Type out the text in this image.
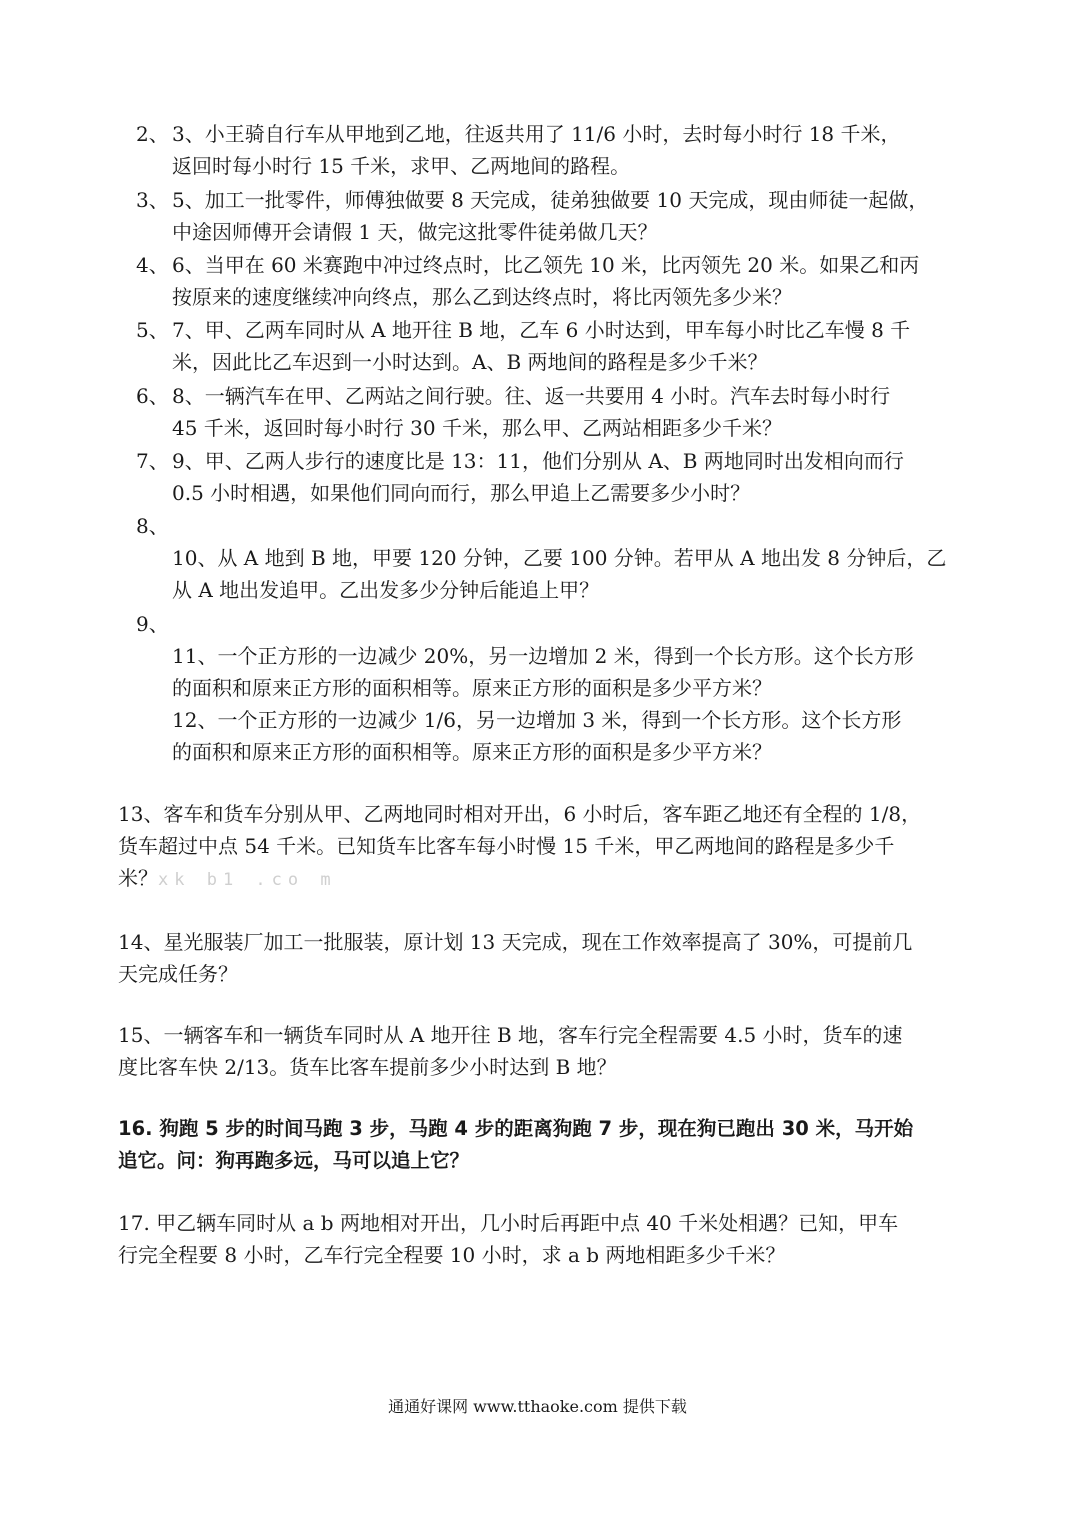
2、 3、小王骑自行车从甲地到乙地，往返共用了 11/6 小时，去时每小时行 18 千米，
返回时每小时行 15 千米，求甲、乙两地间的路程。
3、 5、加工一批零件，师傅独做要 8 天完成，徒弟独做要 10 天完成，现由师徒一起做，
中途因师傅开会请假 1 天，做完这批零件徒弟做几天？
4、 6、当甲在 60 米赛跑中冲过终点时，比乙领先 10 米，比丙领先 20 米。如果乙和丙
按原来的速度继续冲向终点，那么乙到达终点时，将比丙领先多少米？
5、 7、甲、乙两车同时从 A 地开往 B 地，乙车 6 小时达到，甲车每小时比乙车慢 8 千
米，因此比乙车迟到一小时达到。A、B 两地间的路程是多少千米？
6、 8、一辆汽车在甲、乙两站之间行驶。往、返一共要用 4 小时。汽车去时每小时行
45 千米，返回时每小时行 30 千米，那么甲、乙两站相距多少千米？
7、 9、甲、乙两人步行的速度比是 13：11，他们分别从 A、B 两地同时出发相向而行
0.5 小时相遇，如果他们同向而行，那么甲追上乙需要多少小时？
8、

10、从 A 地到 B 地，甲要 120 分钟，乙要 100 分钟。若甲从 A 地出发 8 分钟后，乙
从 A 地出发追甲。乙出发多少分钟后能追上甲？
9、

11、一个正方形的一边减少 20%，另一边增加 2 米，得到一个长方形。这个长方形
的面积和原来正方形的面积相等。原来正方形的面积是多少平方米？
12、一个正方形的一边减少 1/6，另一边增加 3 米，得到一个长方形。这个长方形
的面积和原来正方形的面积相等。原来正方形的面积是多少平方米？
13、客车和货车分别从甲、乙两地同时相对开出，6 小时后，客车距乙地还有全程的 1/8，
货车超过中点 54 千米。已知货车比客车每小时慢 15 千米，甲乙两地间的路程是多少千
米？xk b1 .co m
14、星光服装厂加工一批服装，原计划 13 天完成，现在工作效率提高了 30%，可提前几
天完成任务？
15、一辆客车和一辆货车同时从 A 地开往 B 地，客车行完全程需要 4.5 小时，货车的速
度比客车快 2/13。货车比客车提前多少小时达到 B 地？
16. 狗跑 5 步的时间马跑 3 步，马跑 4 步的距离狗跑 7 步，现在狗已跑出 30 米，马开始
追它。问：狗再跑多远，马可以追上它？
17. 甲乙辆车同时从 a b 两地相对开出，几小时后再距中点 40 千米处相遇？已知，甲车
行完全程要 8 小时，乙车行完全程要 10 小时，求 a b 两地相距多少千米？
通通好课网 www.tthaoke.com 提供下载
